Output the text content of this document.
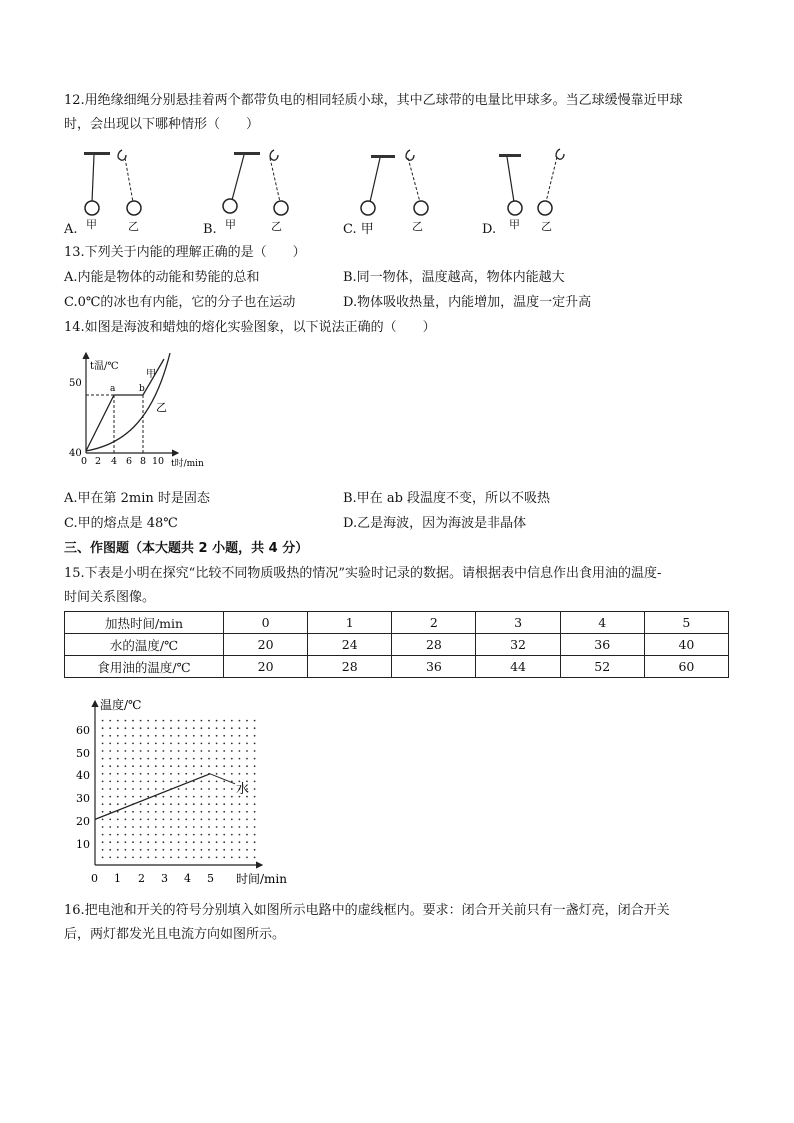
12.用绝缘细绳分别悬挂着两个都带负电的相同轻质小球，其中乙球带的电量比甲球多。当乙球缓慢靠近甲球
时，会出现以下哪种情形（　　）
A. 甲	乙	B. 甲	乙	C. 甲	乙	D. 甲 乙
13.下列关于内能的理解正确的是（　　）
A.内能是物体的动能和势能的总和	B.同一物体，温度越高，物体内能越大
C.0℃的冰也有内能，它的分子也在运动	D.物体吸收热量，内能增加，温度一定升高
14.如图是海波和蜡烛的熔化实验图象，以下说法正确的（　　）
t温/℃
t时/min
50
40
0 2 4 6 8 10
a	b
甲
乙
A.甲在第 2min 时是固态	B.甲在 ab 段温度不变，所以不吸热
C.甲的熔点是 48℃	D.乙是海波，因为海波是非晶体
三、作图题（本大题共 2 小题，共 4 分）
15.下表是小明在探究“比较不同物质吸热的情况”实验时记录的数据。请根据表中信息作出食用油的温度-
时间关系图像。
加热时间/min	0	1	2	3	4	5
水的温度/℃	20	24	28	32	36	40
食用油的温度/℃	20	28	36	44	52	60
温度/℃
时间/min
60
50
40
30
20
10
0 1 2 3 4 5
水
16.把电池和开关的符号分别填入如图所示电路中的虚线框内。要求：闭合开关前只有一盏灯亮，闭合开关
后，两灯都发光且电流方向如图所示。
